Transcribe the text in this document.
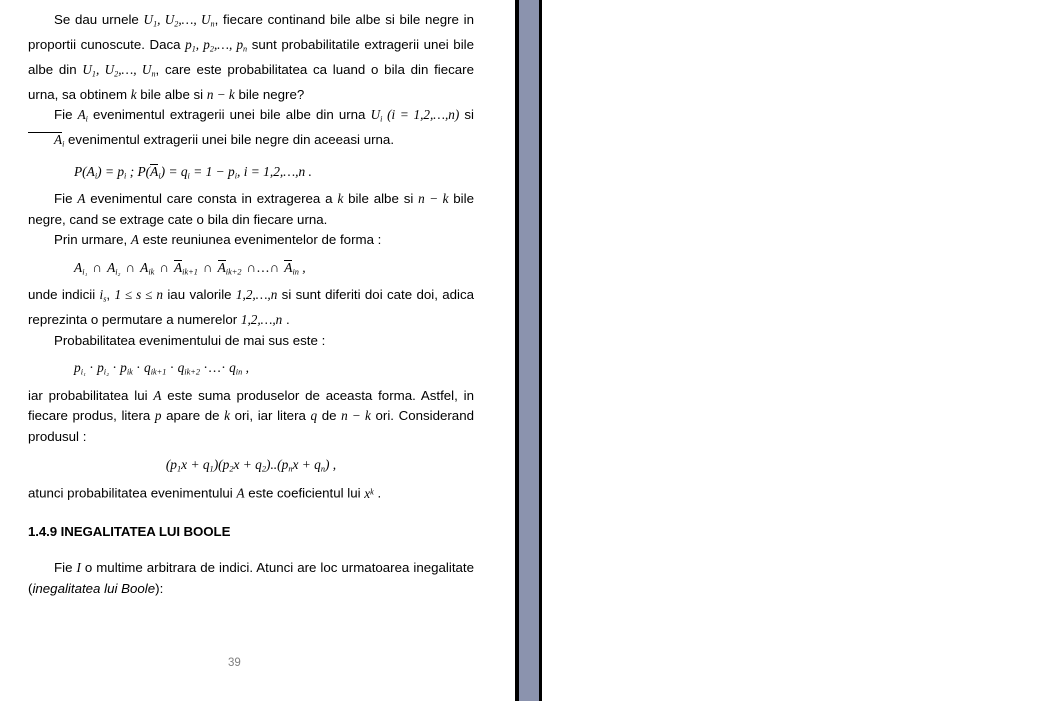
Se dau urnele $U_1$, $U_2,\dots$, $U_n$, fiecare continand bile albe si bile negre in proportii cunoscute. Daca $p_1$, $p_2,\dots$, $p_n$ sunt probabilitatile extragerii unei bile albe din $U_1$, $U_2,\dots$, $U_n$, care este probabilitatea ca luand o bila din fiecare urna, sa obtinem k bile albe si n − k bile negre?

Fie $A_i$ evenimentul extragerii unei bile albe din urna $U_i$ (i = 1,2,…,n) si $A_i$ evenimentul extragerii unei bile negre din aceeasi urna.

$P(A_i) = p_i$ ; $P(A_i) = q_i = 1 - p_i$, i = 1,2,…,n .

Fie A evenimentul care consta in extragerea a k bile albe si n − k bile negre, cand se extrage cate o bila din fiecare urna.

Prin urmare, A este reuniunea evenimentelor de forma :

$A_{i_1}$ ∩ $A_{i_2}$ ∩ $A_{ik}$ ∩ $A_{ik+1}$ ∩ $A_{ik+2}$ ∩…∩ $A_{in}$ ,

unde indicii $i_s$, 1 ≤ s ≤ n iau valorile 1,2,…,n si sunt diferiti doi cate doi, adica reprezinta o permutare a numerelor 1,2,…,n .

Probabilitatea evenimentului de mai sus este :

$p_{i_1} \cdot p_{i_2} \cdot p_{ik} \cdot q_{ik+1} \cdot q_{ik+2}$ ·…· $q_{in}$ ,

iar probabilitatea lui A este suma produselor de aceasta forma. Astfel, in fiecare produs, litera p apare de k ori, iar litera q de n − k ori. Considerand produsul :

$(p_1x + q_1)(p_2x + q_2)..(p_nx + q_n)$ ,

atunci probabilitatea evenimentului A este coeficientul lui $x^k$ .

1.4.9 INEGALITATEA LUI BOOLE

Fie I o multime arbitrara de indici. Atunci are loc urmatoarea inegalitate (inegalitatea lui Boole):

39
